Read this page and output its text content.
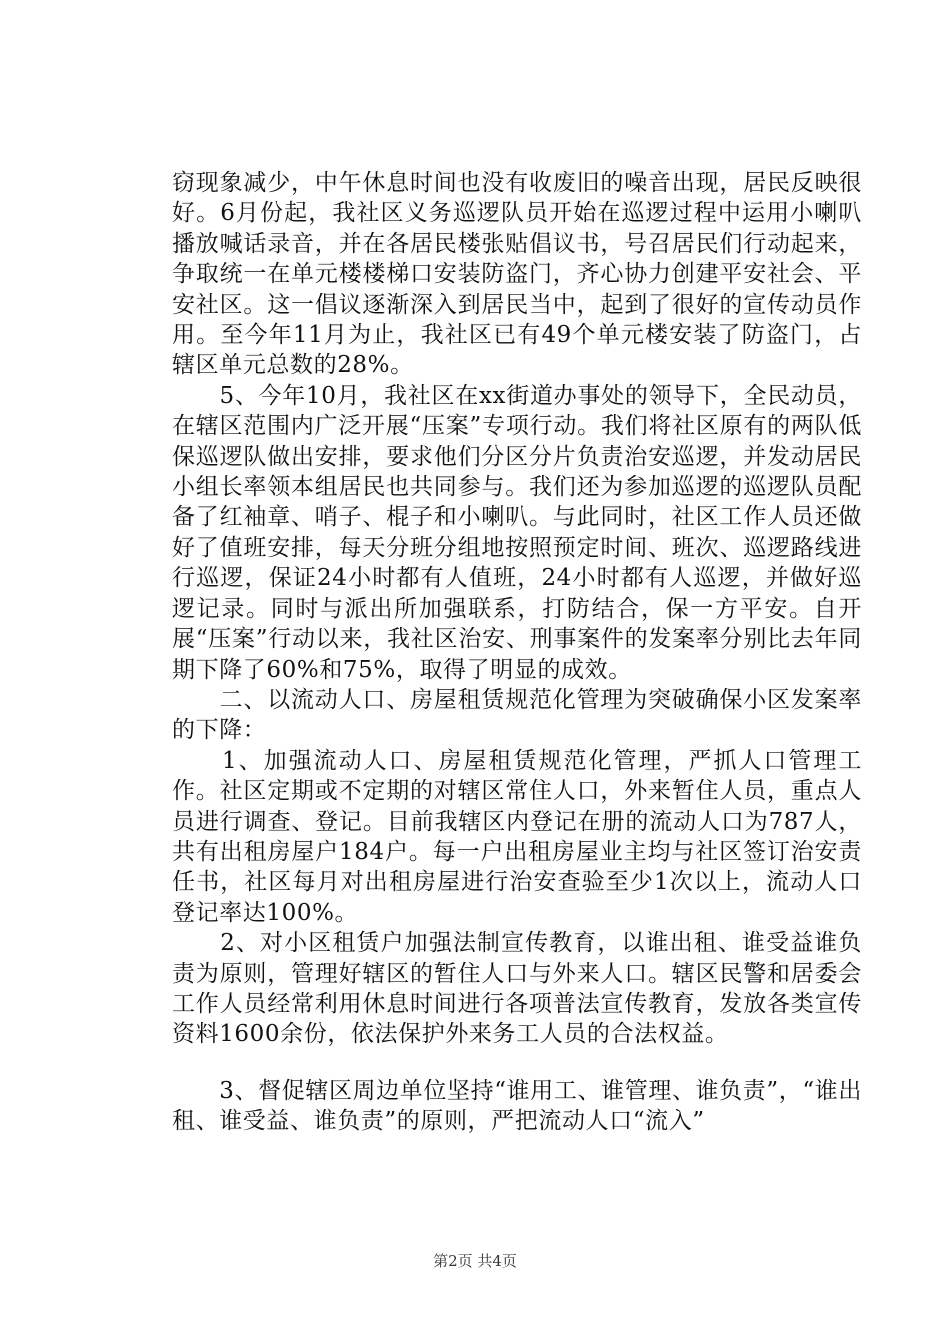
窃现象减少，中午休息时间也没有收废旧的噪音出现，居民反映很好。6月份起，我社区义务巡逻队员开始在巡逻过程中运用小喇叭播放喊话录音，并在各居民楼张贴倡议书，号召居民们行动起来，争取统一在单元楼楼梯口安装防盗门，齐心协力创建平安社会、平安社区。这一倡议逐渐深入到居民当中，起到了很好的宣传动员作用。至今年11月为止，我社区已有49个单元楼安装了防盗门，占辖区单元总数的28%。

　　5、今年10月，我社区在xx街道办事处的领导下，全民动员，在辖区范围内广泛开展“压案”专项行动。我们将社区原有的两队低保巡逻队做出安排，要求他们分区分片负责治安巡逻，并发动居民小组长率领本组居民也共同参与。我们还为参加巡逻的巡逻队员配备了红袖章、哨子、棍子和小喇叭。与此同时，社区工作人员还做好了值班安排，每天分班分组地按照预定时间、班次、巡逻路线进行巡逻，保证24小时都有人值班，24小时都有人巡逻，并做好巡逻记录。同时与派出所加强联系，打防结合，保一方平安。自开展“压案”行动以来，我社区治安、刑事案件的发案率分别比去年同期下降了60%和75%，取得了明显的成效。

　　二、以流动人口、房屋租赁规范化管理为突破确保小区发案率的下降：

　　1、加强流动人口、房屋租赁规范化管理，严抓人口管理工作。社区定期或不定期的对辖区常住人口，外来暂住人员，重点人员进行调查、登记。目前我辖区内登记在册的流动人口为787人，共有出租房屋户184户。每一户出租房屋业主均与社区签订治安责任书，社区每月对出租房屋进行治安查验至少1次以上，流动人口登记率达100%。

　　2、对小区租赁户加强法制宣传教育，以谁出租、谁受益谁负责为原则，管理好辖区的暂住人口与外来人口。辖区民警和居委会工作人员经常利用休息时间进行各项普法宣传教育，发放各类宣传资料1600余份，依法保护外来务工人员的合法权益。

　　3、督促辖区周边单位坚持“谁用工、谁管理、谁负责”，“谁出租、谁受益、谁负责”的原则，严把流动人口“流入”

第2页 共4页
